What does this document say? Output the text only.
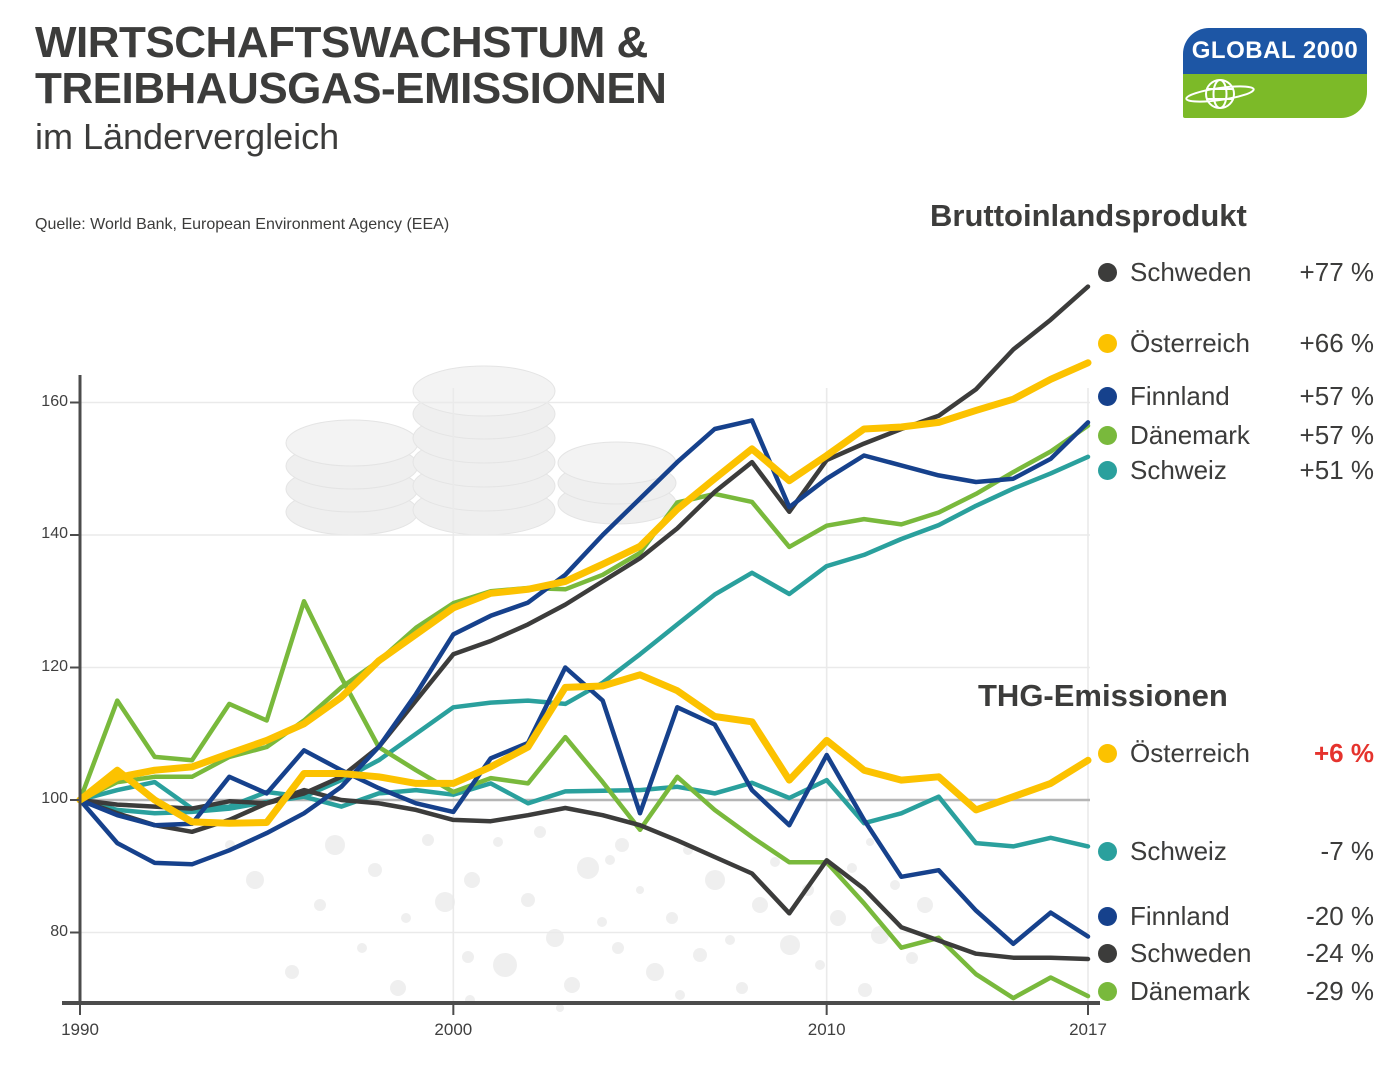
WIRTSCHAFTSWACHSTUM &
TREIBHAUSGAS-EMISSIONEN
im Ländervergleich
Quelle: World Bank, European Environment Agency (EEA)
GLOBAL 2000
Bruttoinlandsprodukt
THG-Emissionen
Schweden +77 %
Österreich +66 %
Finnland	+57 %
Dänemark +57 %
Schweiz	+51 %
Österreich +6 %
Schweiz	-7 %
Finnland	-20 %
Schweden -24 %
Dänemark -29 %
160
140
120
100
80
1990	2000	2010	2017
